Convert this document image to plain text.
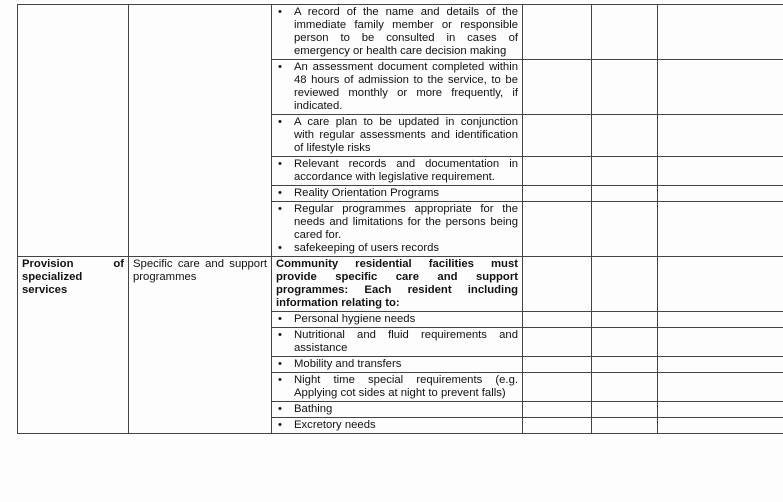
		• A record of the name and details of the immediate family member or responsible person to be consulted in cases of emergency or health care decision making			

		• An assessment document completed within 48 hours of admission to the service, to be reviewed monthly or more frequently, if indicated.			

		• A care plan to be updated in conjunction with regular assessments and identification of lifestyle risks			

		• Relevant records and documentation in accordance with legislative requirement.			

		• Reality Orientation Programs			

		• Regular programmes appropriate for the needs and limitations for the persons being cared for.
• safekeeping of users records			

Provision of specialized services	Specific care and support programmes	Community residential facilities must provide specific care and support programmes: Each resident including information relating to:			

		• Personal hygiene needs			

		• Nutritional and fluid requirements and assistance			

		• Mobility and transfers			

		• Night time special requirements (e.g. Applying cot sides at night to prevent falls)			

		• Bathing			

		• Excretory needs			
